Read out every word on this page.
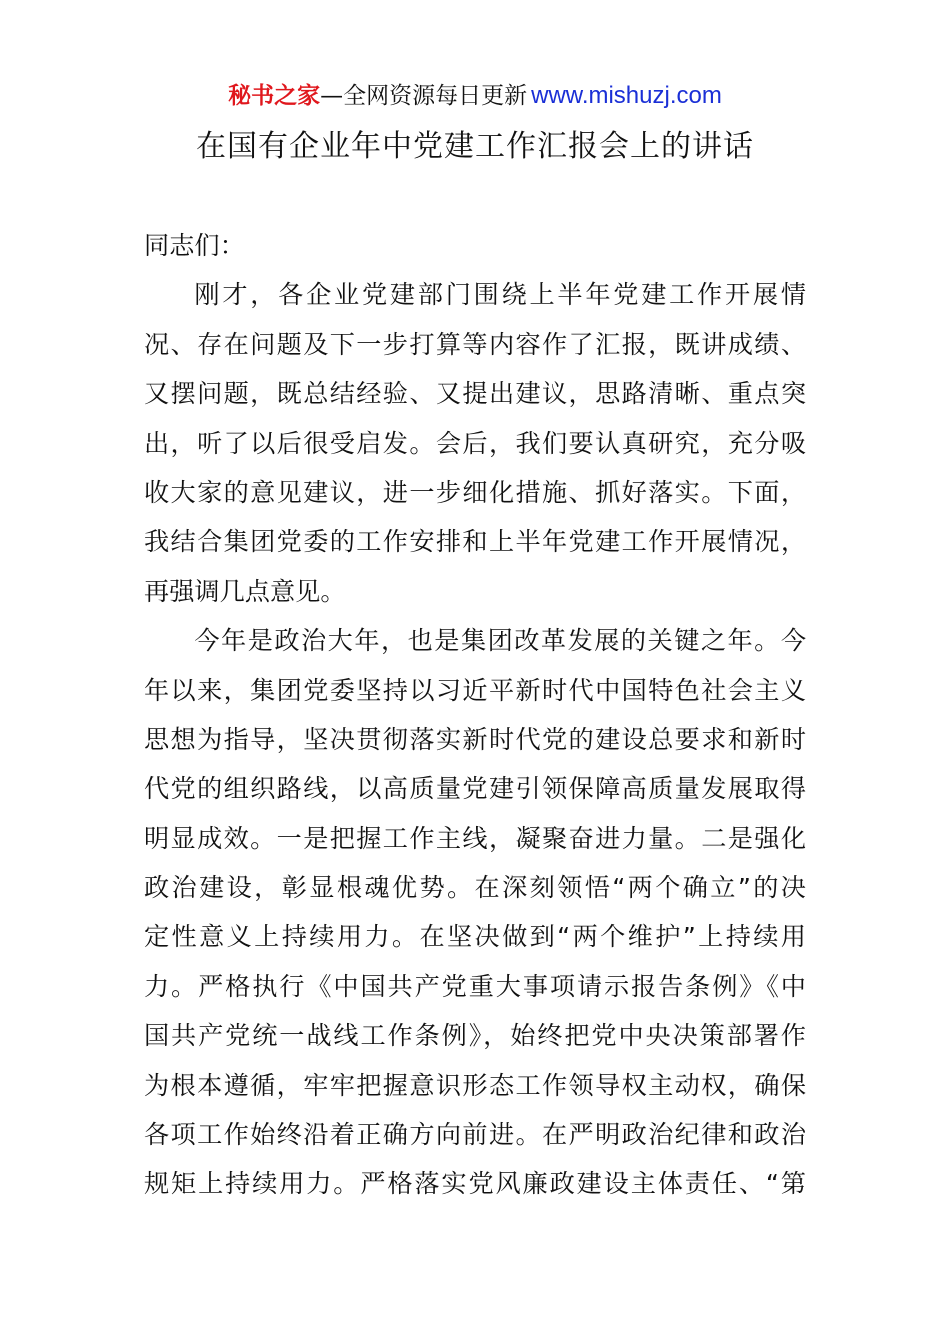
秘书之家—全网资源每日更新 www.mishuzj.com
在国有企业年中党建工作汇报会上的讲话
同志们：
刚才，各企业党建部门围绕上半年党建工作开展情
况、存在问题及下一步打算等内容作了汇报，既讲成绩、
又摆问题，既总结经验、又提出建议，思路清晰、重点突
出，听了以后很受启发。会后，我们要认真研究，充分吸
收大家的意见建议，进一步细化措施、抓好落实。下面，
我结合集团党委的工作安排和上半年党建工作开展情况，
再强调几点意见。
今年是政治大年，也是集团改革发展的关键之年。今
年以来，集团党委坚持以习近平新时代中国特色社会主义
思想为指导，坚决贯彻落实新时代党的建设总要求和新时
代党的组织路线，以高质量党建引领保障高质量发展取得
明显成效。一是把握工作主线，凝聚奋进力量。二是强化
政治建设，彰显根魂优势。在深刻领悟“两个确立”的决
定性意义上持续用力。在坚决做到“两个维护”上持续用
力。严格执行《中国共产党重大事项请示报告条例》《中
国共产党统一战线工作条例》，始终把党中央决策部署作
为根本遵循，牢牢把握意识形态工作领导权主动权，确保
各项工作始终沿着正确方向前进。在严明政治纪律和政治
规矩上持续用力。严格落实党风廉政建设主体责任、“第
